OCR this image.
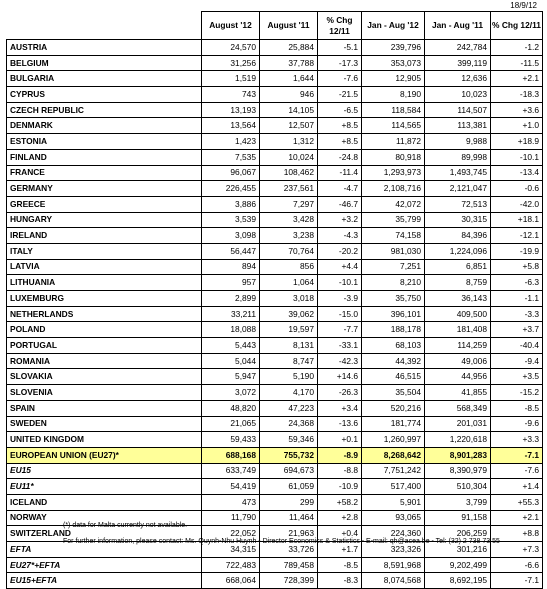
18/9/12
	August '12	August '11	% Chg 12/11	Jan - Aug '12	Jan - Aug '11	% Chg 12/11
AUSTRIA	24,570	25,884	-5.1	239,796	242,784	-1.2
BELGIUM	31,256	37,788	-17.3	353,073	399,119	-11.5
BULGARIA	1,519	1,644	-7.6	12,905	12,636	+2.1
CYPRUS	743	946	-21.5	8,190	10,023	-18.3
CZECH REPUBLIC	13,193	14,105	-6.5	118,584	114,507	+3.6
DENMARK	13,564	12,507	+8.5	114,565	113,381	+1.0
ESTONIA	1,423	1,312	+8.5	11,872	9,988	+18.9
FINLAND	7,535	10,024	-24.8	80,918	89,998	-10.1
FRANCE	96,067	108,462	-11.4	1,293,973	1,493,745	-13.4
GERMANY	226,455	237,561	-4.7	2,108,716	2,121,047	-0.6
GREECE	3,886	7,297	-46.7	42,072	72,513	-42.0
HUNGARY	3,539	3,428	+3.2	35,799	30,315	+18.1
IRELAND	3,098	3,238	-4.3	74,158	84,396	-12.1
ITALY	56,447	70,764	-20.2	981,030	1,224,096	-19.9
LATVIA	894	856	+4.4	7,251	6,851	+5.8
LITHUANIA	957	1,064	-10.1	8,210	8,759	-6.3
LUXEMBURG	2,899	3,018	-3.9	35,750	36,143	-1.1
NETHERLANDS	33,211	39,062	-15.0	396,101	409,500	-3.3
POLAND	18,088	19,597	-7.7	188,178	181,408	+3.7
PORTUGAL	5,443	8,131	-33.1	68,103	114,259	-40.4
ROMANIA	5,044	8,747	-42.3	44,392	49,006	-9.4
SLOVAKIA	5,947	5,190	+14.6	46,515	44,956	+3.5
SLOVENIA	3,072	4,170	-26.3	35,504	41,855	-15.2
SPAIN	48,820	47,223	+3.4	520,216	568,349	-8.5
SWEDEN	21,065	24,368	-13.6	181,774	201,031	-9.6
UNITED KINGDOM	59,433	59,346	+0.1	1,260,997	1,220,618	+3.3
EUROPEAN UNION (EU27)*	688,168	755,732	-8.9	8,268,642	8,901,283	-7.1
EU15	633,749	694,673	-8.8	7,751,242	8,390,979	-7.6
EU11*	54,419	61,059	-10.9	517,400	510,304	+1.4
ICELAND	473	299	+58.2	5,901	3,799	+55.3
NORWAY	11,790	11,464	+2.8	93,065	91,158	+2.1
SWITZERLAND	22,052	21,963	+0.4	224,360	206,259	+8.8
EFTA	34,315	33,726	+1.7	323,326	301,216	+7.3
EU27*+EFTA	722,483	789,458	-8.5	8,591,968	9,202,499	-6.6
EU15+EFTA	668,064	728,399	-8.3	8,074,568	8,692,195	-7.1
(*) data for Malta currently not available.
For further information, please contact: Ms. Quynh-Nhu Huynh - Director Economics & Statistics - E-mail: qh@acea.be - Tel: (32) 2 738 73 55
